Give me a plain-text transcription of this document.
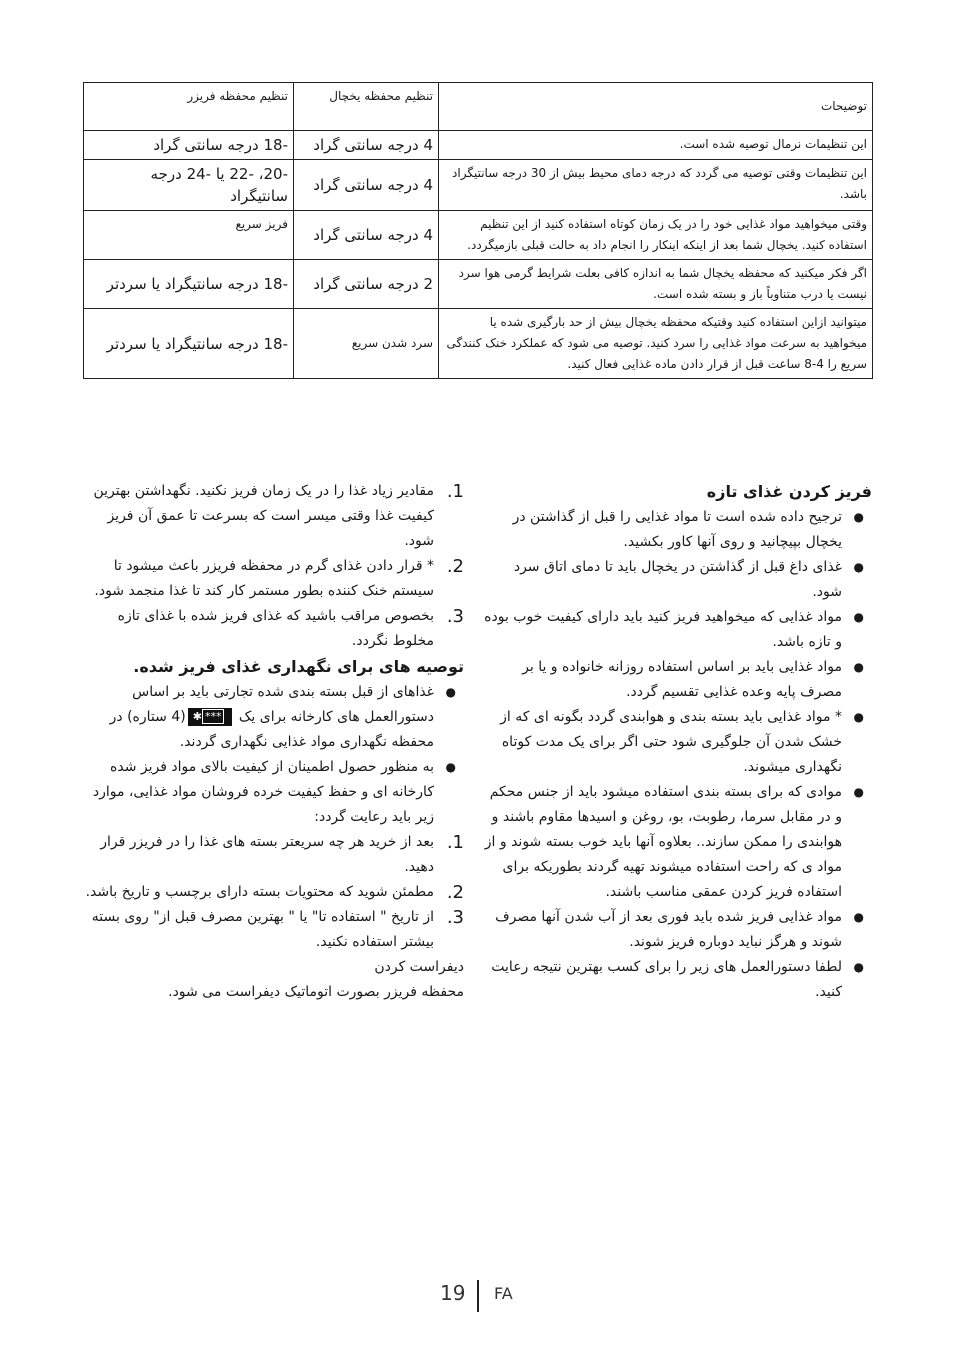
توضیحات	تنظیم محفظه یخچال	تنظیم محفظه فریزر
این تنظیمات نرمال توصیه شده است.	4 درجه سانتی گراد	-18 درجه سانتی گراد
این تنظیمات وقتی توصیه می گردد که درجه دمای محیط بیش از 30 درجه سانتیگراد باشد.	4 درجه سانتی گراد	-20، -22 یا -24 درجه سانتیگراد
وقتی میخواهید مواد غذایی خود را در یک زمان کوتاه استفاده کنید از این تنظیم استفاده کنید. یخچال شما بعد از اینکه اینکار را انجام داد به حالت قبلی بازمیگردد.	4 درجه سانتی گراد	فریز سریع
اگر فکر میکنید که محفظه یخچال شما به اندازه کافی بعلت شرایط گرمی هوا سرد نیست یا درب متناوباً باز و بسته شده است.	2 درجه سانتی گراد	-18 درجه سانتیگراد یا سردتر
میتوانید ازاین استفاده کنید وقتیکه محفظه یخچال بیش از حد بارگیری شده یا میخواهید به سرعت مواد غذایی را سرد کنید. توصیه می شود که عملکرد خنک کنندگی سریع را 4-8 ساعت قبل از قرار دادن ماده غذایی فعال کنید.	سرد شدن سریع	-18 درجه سانتیگراد یا سردتر

فریز کردن غذای تازه

●
ترجیح داده شده است تا مواد غذایی را قبل از گذاشتن در یخچال بپیچانید و روی آنها کاور بکشید.
●
غذای داغ قبل از گذاشتن در یخچال باید تا دمای اتاق سرد شود.
●
مواد غذایی که میخواهید فریز کنید باید دارای کیفیت خوب بوده و تازه باشد.
●
مواد غذایی باید بر اساس استفاده روزانه خانواده و یا بر مصرف پایه وعده غذایی تقسیم گردد.
●
* مواد غذایی باید بسته بندی و هوابندی گردد بگونه ای که از خشک شدن آن جلوگیری شود حتی اگر برای یک مدت کوتاه نگهداری میشوند.
●
موادی که برای بسته بندی استفاده میشود باید از جنس محکم و در مقابل سرما، رطوبت، بو، روغن و اسیدها مقاوم باشند و هوابندی را ممکن سازند.. بعلاوه آنها باید خوب بسته شوند و از مواد ی که راحت استفاده میشوند تهیه گردند بطوریکه برای استفاده فریز کردن عمقی مناسب باشند.
●
مواد غذایی فریز شده باید فوری بعد از آب شدن آنها مصرف شوند و هرگز نباید دوباره فریز شوند.
●
لطفا دستورالعمل های زیر را برای کسب بهترین نتیجه رعایت کنید.
1.
مقادیر زیاد غذا را در یک زمان فریز نکنید. نگهداشتن بهترین کیفیت غذا وقتی میسر است که بسرعت تا عمق آن فریز شود.
2.
* قرار دادن غذای گرم در محفظه فریزر باعث میشود تا سیستم خنک کننده بطور مستمر کار کند تا غذا منجمد شود.
3.
بخصوص مراقب باشید که غذای فریز شده با غذای تازه مخلوط نگردد.

توصیه های برای نگهداری غذای فریز شده.

●
غذاهای از قبل بسته بندی شده تجارتی باید بر اساس دستورالعمل های کارخانه برای یک ***✱(4 ستاره) در محفظه نگهداری مواد غذایی نگهداری گردند.
●
به منظور حصول اطمینان از کیفیت بالای مواد فریز شده کارخانه ای و حفظ کیفیت خرده فروشان مواد غذایی، موارد زیر باید رعایت گردد:
1.
بعد از خرید هر چه سریعتر بسته های غذا را در فریزر قرار دهید.
2.
مطمئن شوید که محتویات بسته دارای برچسب و تاریخ باشد.
3.
از تاریخ " استفاده تا" یا " بهترین مصرف قبل از" روی بسته بیشتر استفاده نکنید.

دیفراست کردن

محفظه فریزر بصورت اتوماتیک دیفراست می شود.

19 FA
